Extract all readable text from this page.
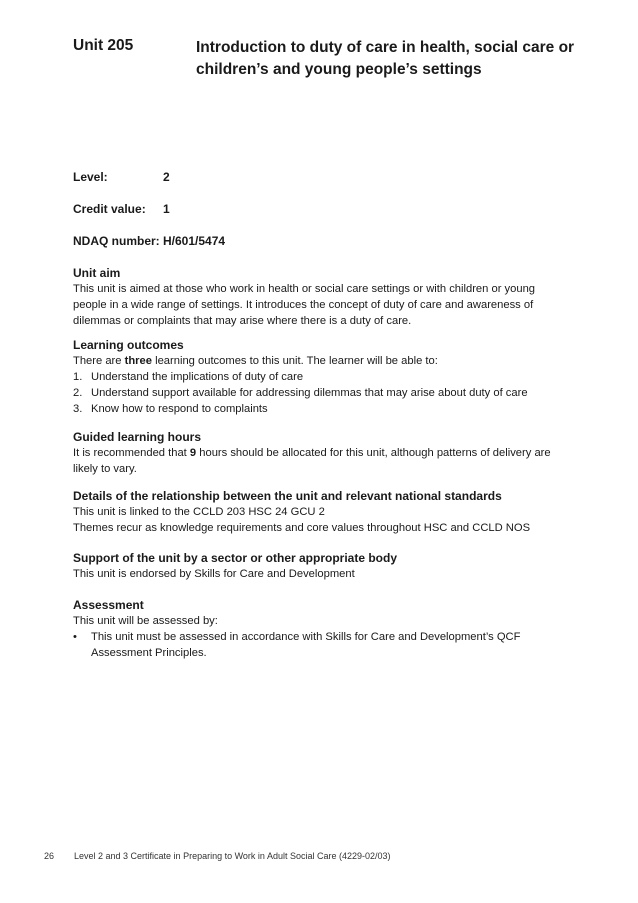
Unit 205	Introduction to duty of care in health, social care or children’s and young people’s settings
Level:	2
Credit value: 1
NDAQ number: H/601/5474
Unit aim

This unit is aimed at those who work in health or social care settings or with children or young people in a wide range of settings. It introduces the concept of duty of care and awareness of dilemmas or complaints that may arise where there is a duty of care.

Learning outcomes

There are three learning outcomes to this unit. The learner will be able to:

1. Understand the implications of duty of care
2. Understand support available for addressing dilemmas that may arise about duty of care
3. Know how to respond to complaints
Guided learning hours

It is recommended that 9 hours should be allocated for this unit, although patterns of delivery are likely to vary.

Details of the relationship between the unit and relevant national standards

This unit is linked to the CCLD 203 HSC 24 GCU 2

Themes recur as knowledge requirements and core values throughout HSC and CCLD NOS

Support of the unit by a sector or other appropriate body

This unit is endorsed by Skills for Care and Development

Assessment

This unit will be assessed by:

• This unit must be assessed in accordance with Skills for Care and Development’s QCF Assessment Principles.
26 Level 2 and 3 Certificate in Preparing to Work in Adult Social Care (4229-02/03)
